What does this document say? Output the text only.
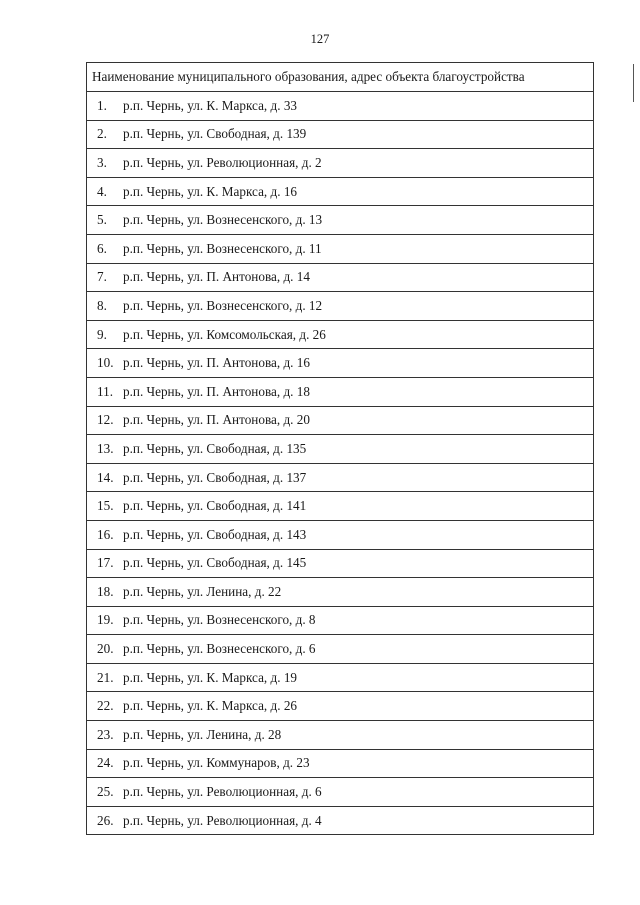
127
Наименование муниципального образования, адрес объекта благоустройства
1. р.п. Чернь, ул. К. Маркса, д. 33
2. р.п. Чернь, ул. Свободная, д. 139
3. р.п. Чернь, ул. Революционная, д. 2
4. р.п. Чернь, ул. К. Маркса, д. 16
5. р.п. Чернь, ул. Вознесенского, д. 13
6. р.п. Чернь, ул. Вознесенского, д. 11
7. р.п. Чернь, ул. П. Антонова, д. 14
8. р.п. Чернь, ул. Вознесенского, д. 12
9. р.п. Чернь, ул. Комсомольская, д. 26
10. р.п. Чернь, ул. П. Антонова, д. 16
11. р.п. Чернь, ул. П. Антонова, д. 18
12. р.п. Чернь, ул. П. Антонова, д. 20
13. р.п. Чернь, ул. Свободная, д. 135
14. р.п. Чернь, ул. Свободная, д. 137
15. р.п. Чернь, ул. Свободная, д. 141
16. р.п. Чернь, ул. Свободная, д. 143
17. р.п. Чернь, ул. Свободная, д. 145
18. р.п. Чернь, ул. Ленина, д. 22
19. р.п. Чернь, ул. Вознесенского, д. 8
20. р.п. Чернь, ул. Вознесенского, д. 6
21. р.п. Чернь, ул. К. Маркса, д. 19
22. р.п. Чернь, ул. К. Маркса, д. 26
23. р.п. Чернь, ул. Ленина, д. 28
24. р.п. Чернь, ул. Коммунаров, д. 23
25. р.п. Чернь, ул. Революционная, д. 6
26. р.п. Чернь, ул. Революционная, д. 4
